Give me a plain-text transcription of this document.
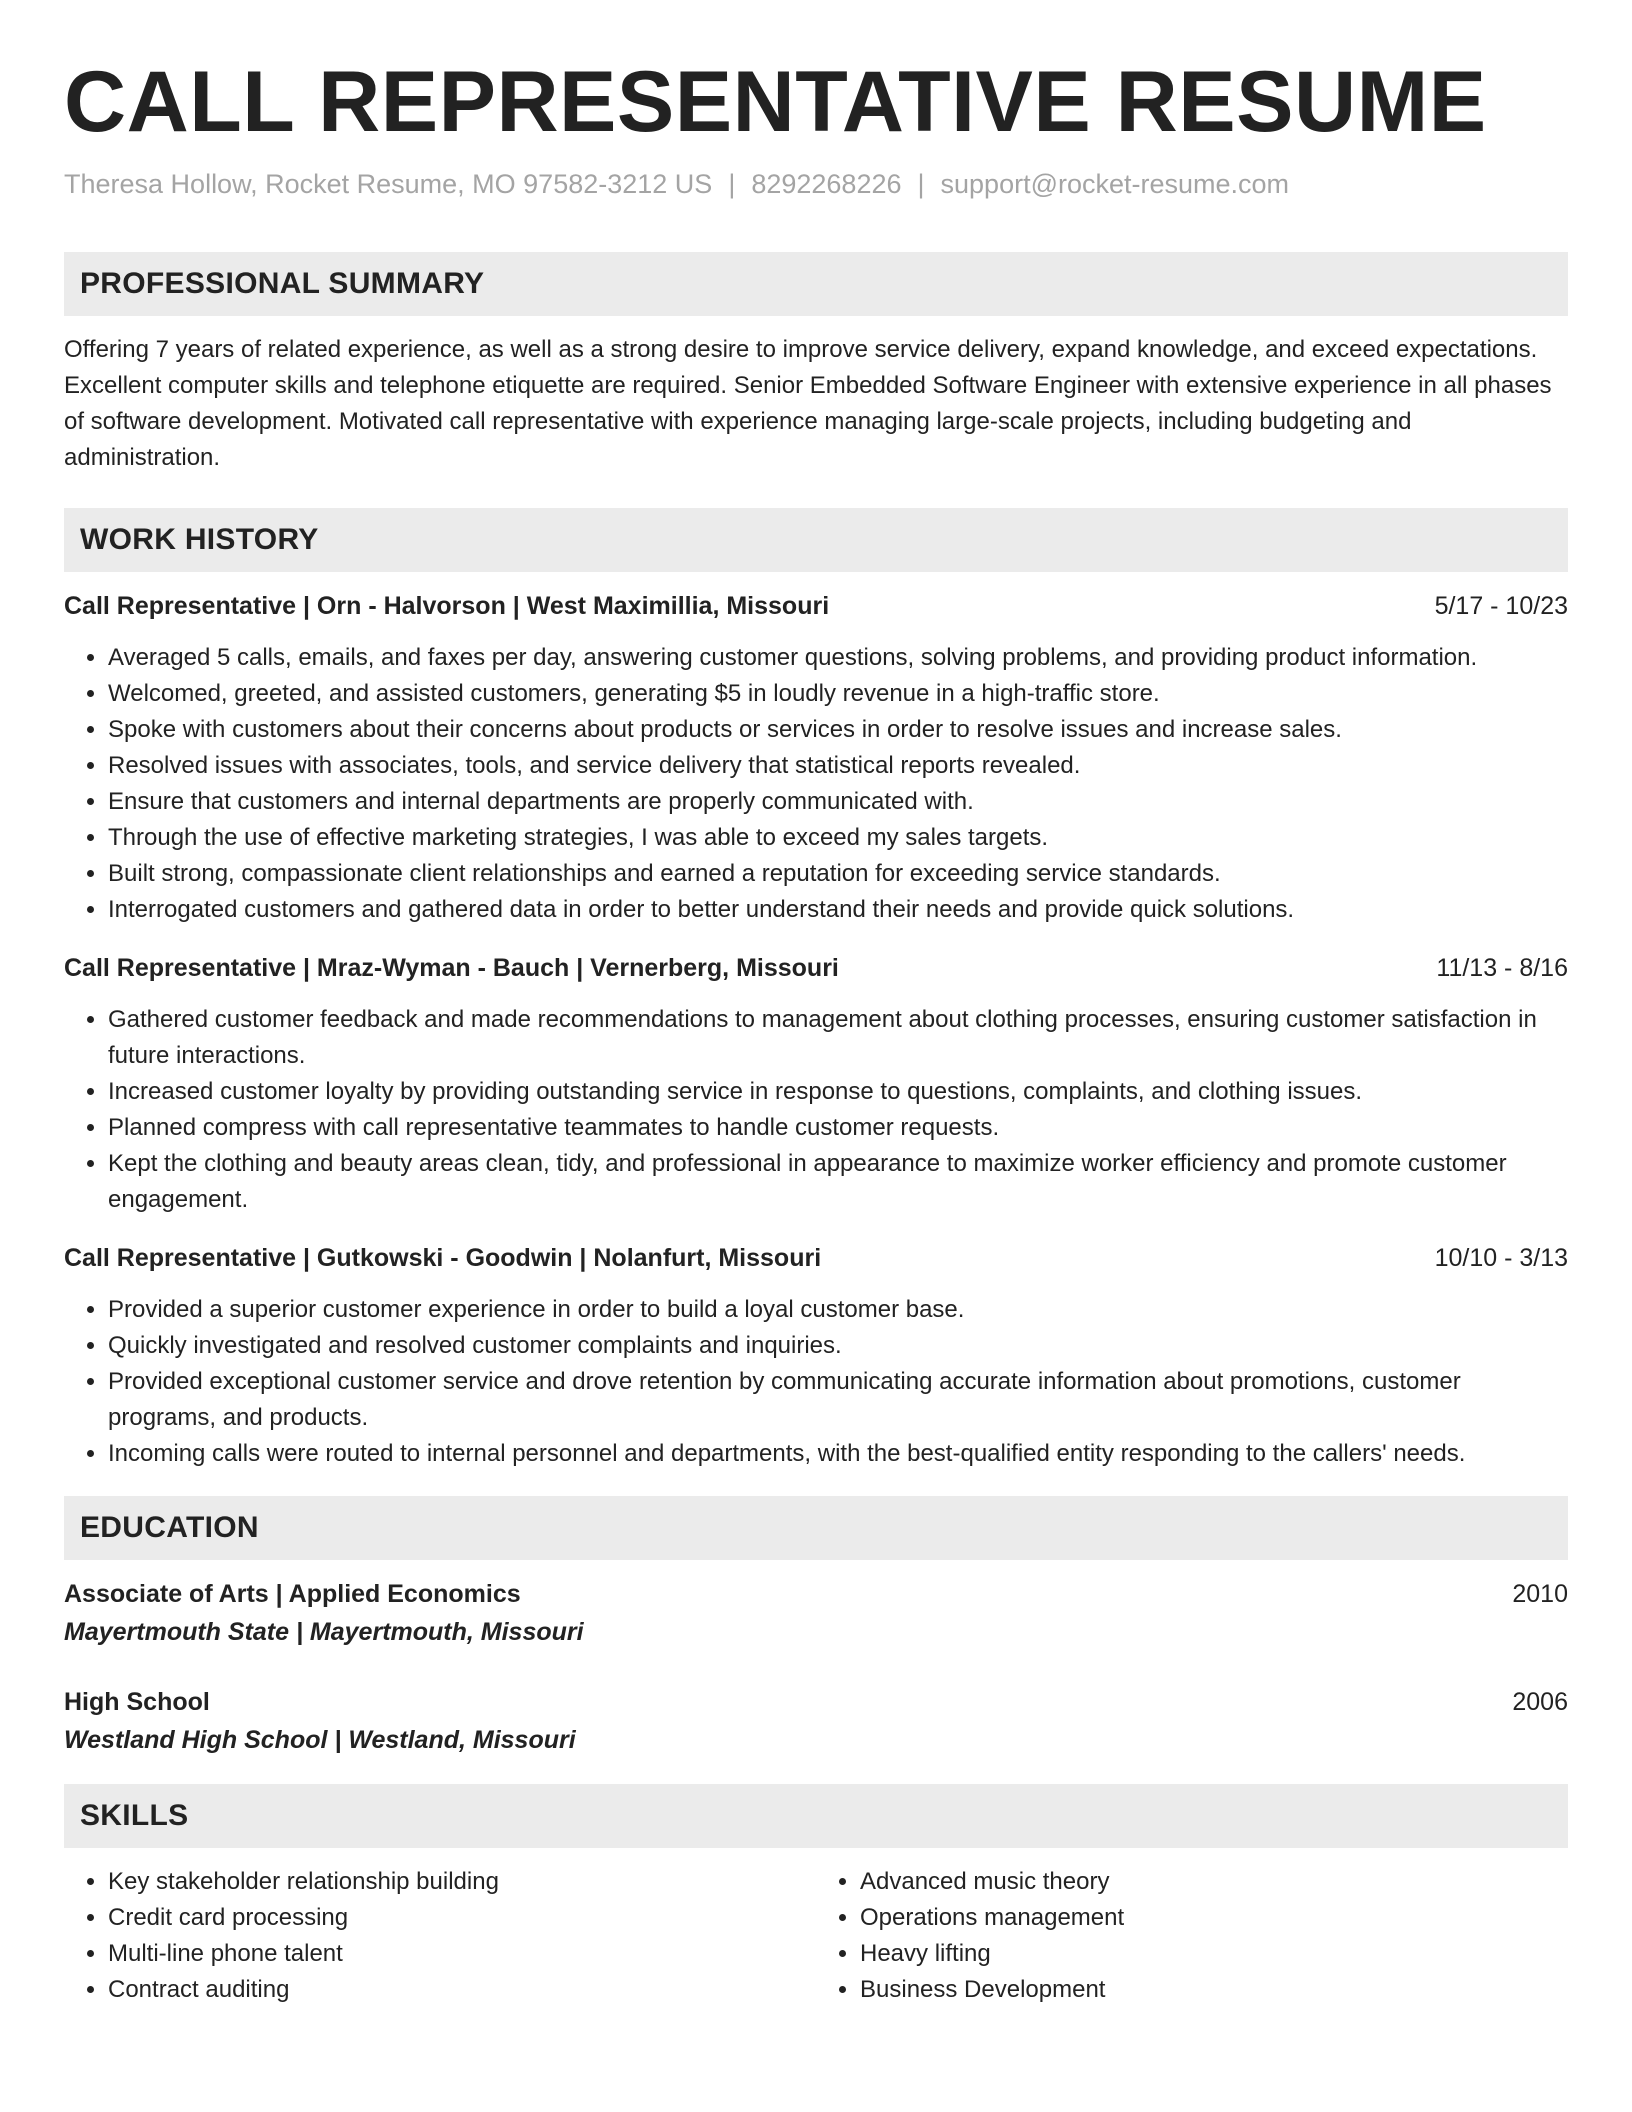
CALL REPRESENTATIVE RESUME
Theresa Hollow, Rocket Resume, MO 97582-3212 US | 8292268226 | support@rocket-resume.com
PROFESSIONAL SUMMARY
Offering 7 years of related experience, as well as a strong desire to improve service delivery, expand knowledge, and exceed expectations. Excellent computer skills and telephone etiquette are required. Senior Embedded Software Engineer with extensive experience in all phases of software development. Motivated call representative with experience managing large-scale projects, including budgeting and administration.
WORK HISTORY
Call Representative | Orn - Halvorson | West Maximillia, Missouri	5/17 - 10/23
• Averaged 5 calls, emails, and faxes per day, answering customer questions, solving problems, and providing product information.
• Welcomed, greeted, and assisted customers, generating $5 in loudly revenue in a high-traffic store.
• Spoke with customers about their concerns about products or services in order to resolve issues and increase sales.
• Resolved issues with associates, tools, and service delivery that statistical reports revealed.
• Ensure that customers and internal departments are properly communicated with.
• Through the use of effective marketing strategies, I was able to exceed my sales targets.
• Built strong, compassionate client relationships and earned a reputation for exceeding service standards.
• Interrogated customers and gathered data in order to better understand their needs and provide quick solutions.
Call Representative | Mraz-Wyman - Bauch | Vernerberg, Missouri	11/13 - 8/16
• Gathered customer feedback and made recommendations to management about clothing processes, ensuring customer satisfaction in future interactions.
• Increased customer loyalty by providing outstanding service in response to questions, complaints, and clothing issues.
• Planned compress with call representative teammates to handle customer requests.
• Kept the clothing and beauty areas clean, tidy, and professional in appearance to maximize worker efficiency and promote customer engagement.
Call Representative | Gutkowski - Goodwin | Nolanfurt, Missouri	10/10 - 3/13
• Provided a superior customer experience in order to build a loyal customer base.
• Quickly investigated and resolved customer complaints and inquiries.
• Provided exceptional customer service and drove retention by communicating accurate information about promotions, customer programs, and products.
• Incoming calls were routed to internal personnel and departments, with the best-qualified entity responding to the callers' needs.
EDUCATION
Associate of Arts | Applied Economics	2010
Mayertmouth State | Mayertmouth, Missouri
High School	2006
Westland High School | Westland, Missouri
SKILLS
• Key stakeholder relationship building
• Credit card processing
• Multi-line phone talent
• Contract auditing
• Advanced music theory
• Operations management
• Heavy lifting
• Business Development
